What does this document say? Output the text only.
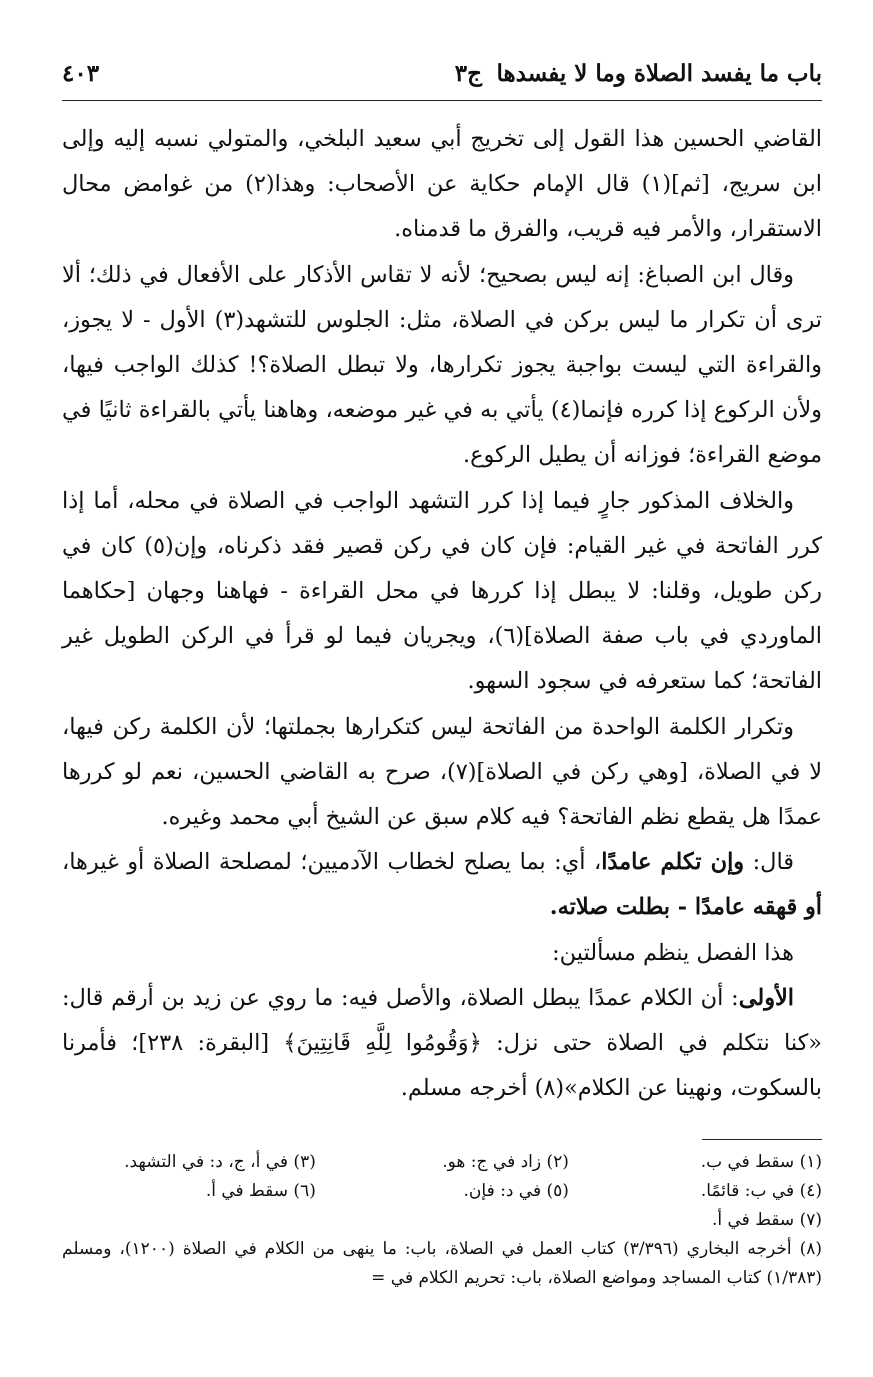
باب ما يفسد الصلاة وما لا يفسدها
ج٣
٤٠٣

القاضي الحسين هذا القول إلى تخريج أبي سعيد البلخي، والمتولي نسبه إليه وإلى ابن سريج، [ثم](١) قال الإمام حكاية عن الأصحاب: وهذا(٢) من غوامض محال الاستقرار، والأمر فيه قريب، والفرق ما قدمناه.

وقال ابن الصباغ: إنه ليس بصحيح؛ لأنه لا تقاس الأذكار على الأفعال في ذلك؛ ألا ترى أن تكرار ما ليس بركن في الصلاة، مثل: الجلوس للتشهد(٣) الأول - لا يجوز، والقراءة التي ليست بواجبة يجوز تكرارها، ولا تبطل الصلاة؟! كذلك الواجب فيها، ولأن الركوع إذا كرره فإنما(٤) يأتي به في غير موضعه، وهاهنا يأتي بالقراءة ثانيًا في موضع القراءة؛ فوزانه أن يطيل الركوع.

والخلاف المذكور جارٍ فيما إذا كرر التشهد الواجب في الصلاة في محله، أما إذا كرر الفاتحة في غير القيام: فإن كان في ركن قصير فقد ذكرناه، وإن(٥) كان في ركن طويل، وقلنا: لا يبطل إذا كررها في محل القراءة - فهاهنا وجهان [حكاهما الماوردي في باب صفة الصلاة](٦)، ويجريان فيما لو قرأ في الركن الطويل غير الفاتحة؛ كما ستعرفه في سجود السهو.

وتكرار الكلمة الواحدة من الفاتحة ليس كتكرارها بجملتها؛ لأن الكلمة ركن فيها، لا في الصلاة، [وهي ركن في الصلاة](٧)، صرح به القاضي الحسين، نعم لو كررها عمدًا هل يقطع نظم الفاتحة؟ فيه كلام سبق عن الشيخ أبي محمد وغيره.

قال: وإن تكلم عامدًا، أي: بما يصلح لخطاب الآدميين؛ لمصلحة الصلاة أو غيرها، أو قهقه عامدًا - بطلت صلاته.

هذا الفصل ينظم مسألتين:

الأولى: أن الكلام عمدًا يبطل الصلاة، والأصل فيه: ما روي عن زيد بن أرقم قال: «كنا نتكلم في الصلاة حتى نزل: ﴿وَقُومُوا لِلَّهِ قَانِتِينَ﴾ [البقرة: ٢٣٨]؛ فأمرنا بالسكوت، ونهينا عن الكلام»(٨) أخرجه مسلم.

(١) سقط في ب.
(٢) زاد في ج: هو.
(٣) في أ، ج، د: في التشهد.
(٤) في ب: قائمًا.
(٥) في د: فإن.
(٦) سقط في أ.
(٧) سقط في أ.
(٨) أخرجه البخاري (٣/٣٩٦) كتاب العمل في الصلاة، باب: ما ينهى من الكلام في الصلاة (١٢٠٠)، ومسلم (١/٣٨٣) كتاب المساجد ومواضع الصلاة، باب: تحريم الكلام في =
